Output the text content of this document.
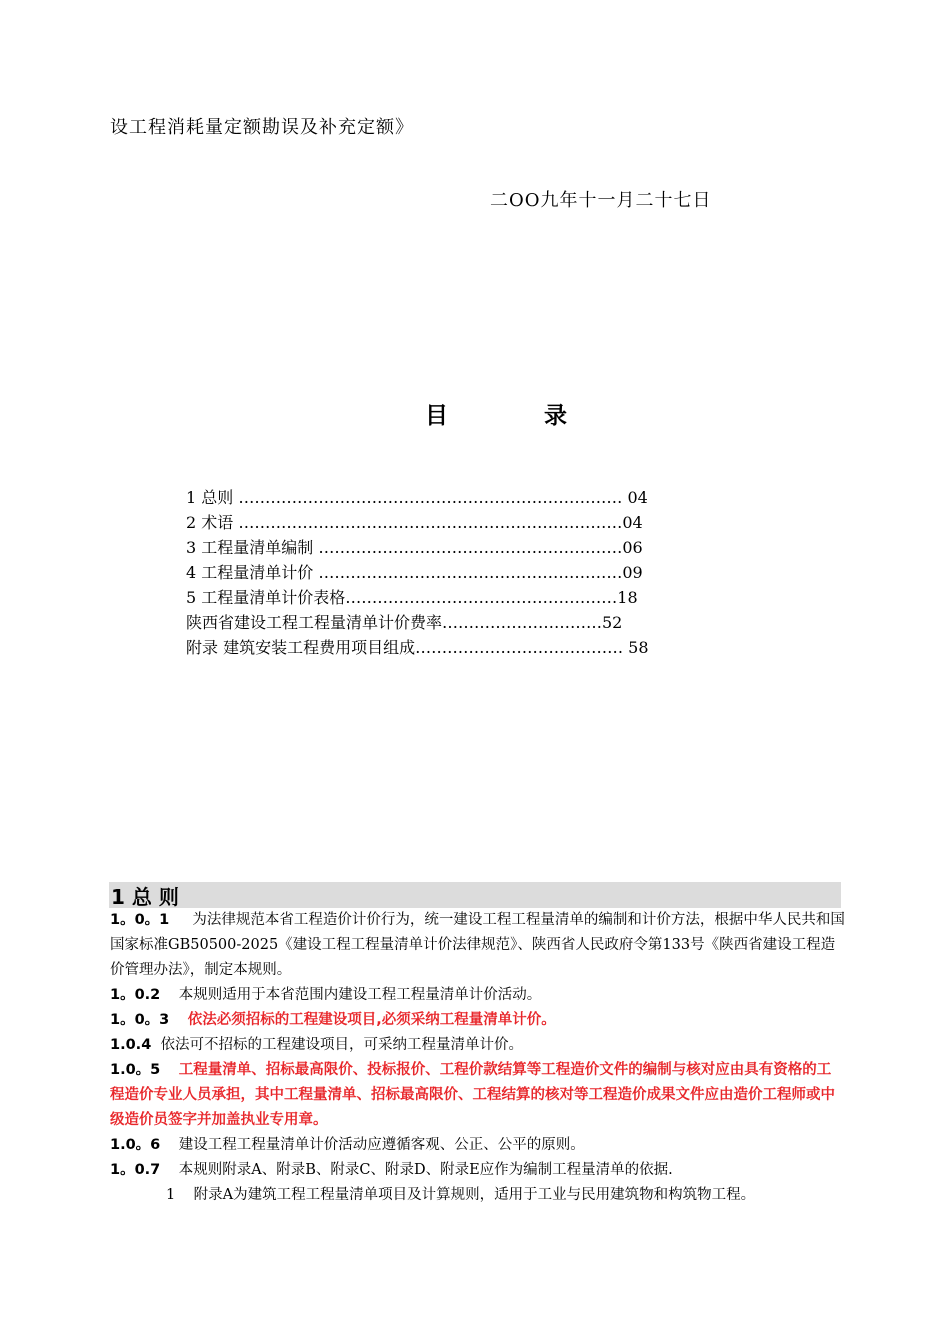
设工程消耗量定额勘误及补充定额》
二OO九年十一月二十七日
目 录
1 总则 ……………………………………………………………… 04
2 术语 ………………………………………………………………04
3 工程量清单编制 …………………………………………………06
4 工程量清单计价 …………………………………………………09
5 工程量清单计价表格……………………………………………18
陕西省建设工程工程量清单计价费率…………………………52
附录 建筑安装工程费用项目组成………………………………… 58
1 总 则
1。0。1 为法律规范本省工程造价计价行为，统一建设工程工程量清单的编制和计价方法，根据中华人民共和国国家标准GB50500-2025《建设工程工程量清单计价法律规范》、陕西省人民政府令第133号《陕西省建设工程造价管理办法》，制定本规则。
1。0.2 本规则适用于本省范围内建设工程工程量清单计价活动。
1。0。3 依法必须招标的工程建设项目,必须采纳工程量清单计价。
1.0.4 依法可不招标的工程建设项目，可采纳工程量清单计价。
1.0。5 工程量清单、招标最高限价、投标报价、工程价款结算等工程造价文件的编制与核对应由具有资格的工程造价专业人员承担，其中工程量清单、招标最高限价、工程结算的核对等工程造价成果文件应由造价工程师或中级造价员签字并加盖执业专用章。
1.0。6 建设工程工程量清单计价活动应遵循客观、公正、公平的原则。
1。0.7 本规则附录A、附录B、附录C、附录D、附录E应作为编制工程量清单的依据.
1 附录A为建筑工程工程量清单项目及计算规则，适用于工业与民用建筑物和构筑物工程。
